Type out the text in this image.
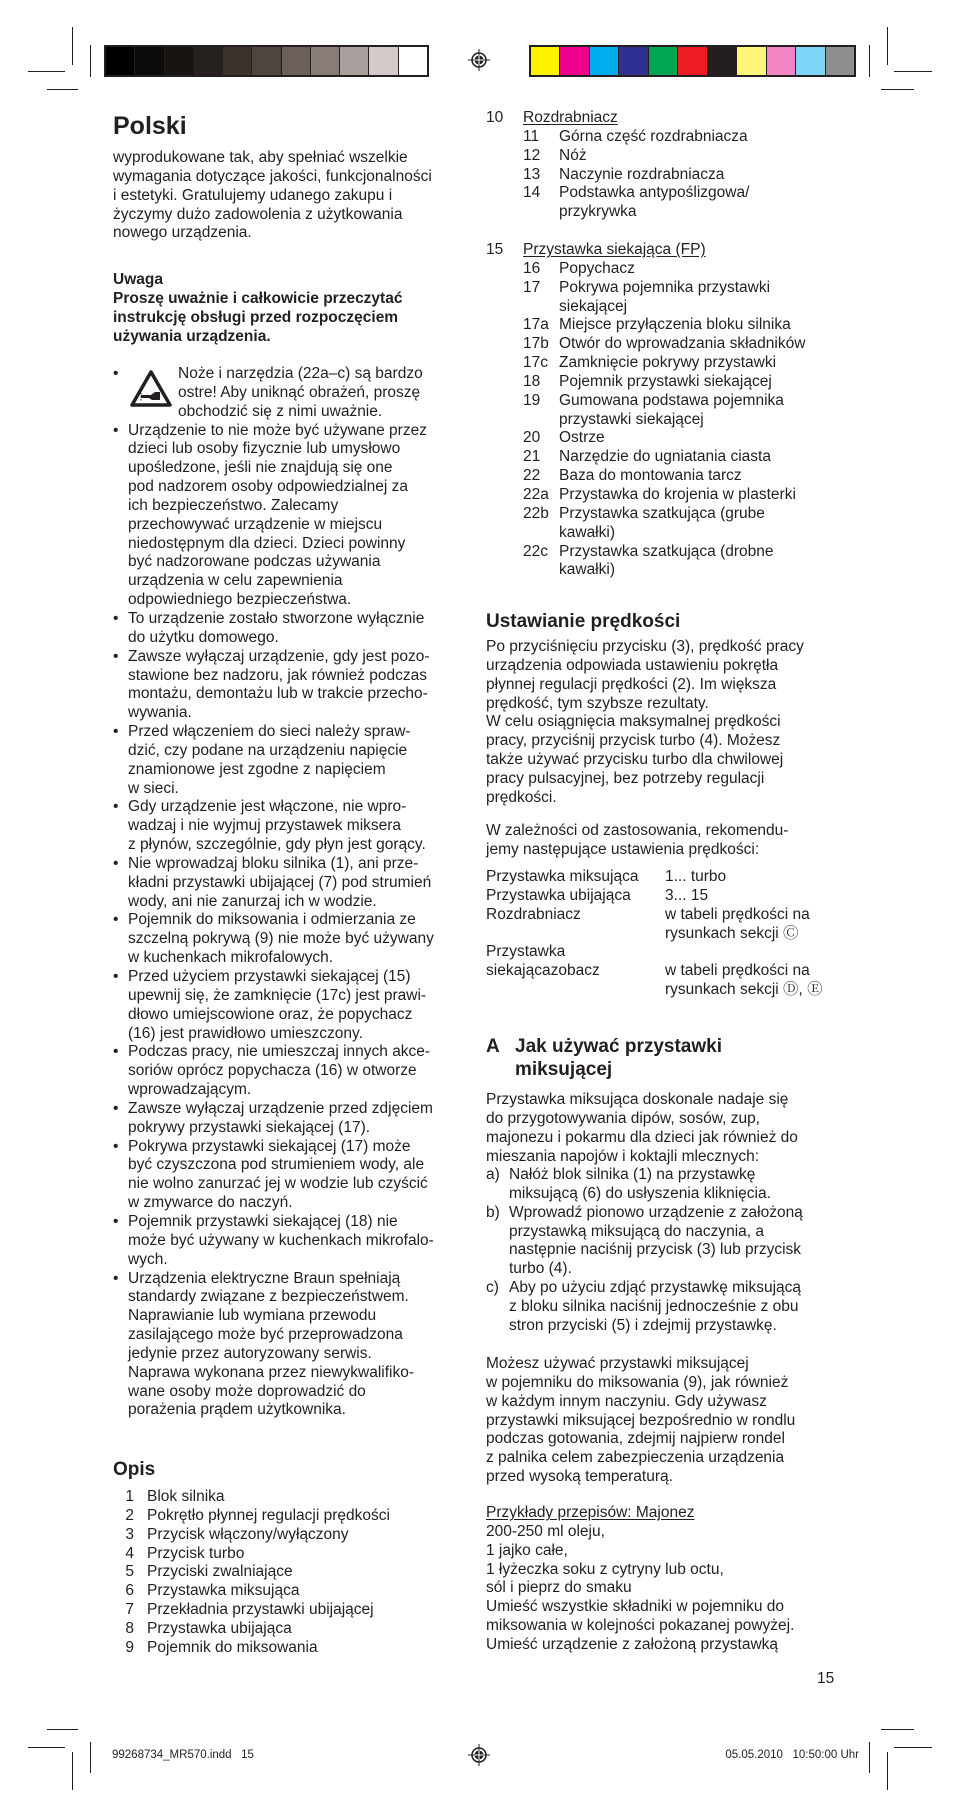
Polski
wyprodukowane tak, aby spełniać wszelkie
wymagania dotyczące jakości, funkcjonalności
i estetyki. Gratulujemy udanego zakupu i
życzymy dużo zadowolenia z użytkowania
nowego urządzenia.
Uwaga
Proszę uważnie i całkowicie przeczytać
instrukcję obsługi przed rozpoczęciem
używania urządzenia.
• Noże i narzędzia (22a–c) są bardzo
ostre! Aby uniknąć obrażeń, proszę
obchodzić się z nimi uważnie.
• Urządzenie to nie może być używane przez
dzieci lub osoby fizycznie lub umysłowo
upośledzone, jeśli nie znajdują się one
pod nadzorem osoby odpowiedzialnej za
ich bezpieczeństwo. Zalecamy
przechowywać urządzenie w miejscu
niedostępnym dla dzieci. Dzieci powinny
być nadzorowane podczas używania
urządzenia w celu zapewnienia
odpowiedniego bezpieczeństwa.
• To urządzenie zostało stworzone wyłącznie
do użytku domowego.
• Zawsze wyłączaj urządzenie, gdy jest pozo-
stawione bez nadzoru, jak również podczas
montażu, demontażu lub w trakcie przecho-
wywania.
• Przed włączeniem do sieci należy spraw-
dzić, czy podane na urządzeniu napięcie
znamionowe jest zgodne z napięciem
w sieci.
• Gdy urządzenie jest włączone, nie wpro-
wadzaj i nie wyjmuj przystawek miksera
z płynów, szczególnie, gdy płyn jest gorący.
• Nie wprowadzaj bloku silnika (1), ani prze-
kładni przystawki ubijającej (7) pod strumień
wody, ani nie zanurzaj ich w wodzie.
• Pojemnik do miksowania i odmierzania ze
szczelną pokrywą (9) nie może być używany
w kuchenkach mikrofalowych.
• Przed użyciem przystawki siekającej (15)
upewnij się, że zamknięcie (17c) jest prawi-
dłowo umiejscowione oraz, że popychacz
(16) jest prawidłowo umieszczony.
• Podczas pracy, nie umieszczaj innych akce-
soriów oprócz popychacza (16) w otworze
wprowadzającym.
• Zawsze wyłączaj urządzenie przed zdjęciem
pokrywy przystawki siekającej (17).
• Pokrywa przystawki siekającej (17) może
być czyszczona pod strumieniem wody, ale
nie wolno zanurzać jej w wodzie lub czyścić
w zmywarce do naczyń.
• Pojemnik przystawki siekającej (18) nie
może być używany w kuchenkach mikrofalo-
wych.
• Urządzenia elektryczne Braun spełniają
standardy związane z bezpieczeństwem.
Naprawianie lub wymiana przewodu
zasilającego może być przeprowadzona
jedynie przez autoryzowany serwis.
Naprawa wykonana przez niewykwalifiko-
wane osoby może doprowadzić do
porażenia prądem użytkownika.
Opis
1 Blok silnika
2 Pokrętło płynnej regulacji prędkości
3 Przycisk włączony/wyłączony
4 Przycisk turbo
5 Przyciski zwalniające
6 Przystawka miksująca
7 Przekładnia przystawki ubijającej
8 Przystawka ubijająca
9 Pojemnik do miksowania
10	Rozdrabniacz
11	Górna część rozdrabniacza
12	Nóż
13	Naczynie rozdrabniacza
14	Podstawka antypoślizgowa/
przykrywka
15	Przystawka siekająca (FP)
16	Popychacz
17	Pokrywa pojemnika przystawki
siekającej
17a Miejsce przyłączenia bloku silnika
17b Otwór do wprowadzania składników
17c Zamknięcie pokrywy przystawki
18	Pojemnik przystawki siekającej
19	Gumowana podstawa pojemnika
przystawki siekającej
20	Ostrze
21	Narzędzie do ugniatania ciasta
22	Baza do montowania tarcz
22a Przystawka do krojenia w plasterki
22b Przystawka szatkująca (grube
kawałki)
22c Przystawka szatkująca (drobne
kawałki)
Ustawianie prędkości
Po przyciśnięciu przycisku (3), prędkość pracy
urządzenia odpowiada ustawieniu pokrętła
płynnej regulacji prędkości (2). Im większa
prędkość, tym szybsze rezultaty.
W celu osiągnięcia maksymalnej prędkości
pracy, przyciśnij przycisk turbo (4). Możesz
także używać przycisku turbo dla chwilowej
pracy pulsacyjnej, bez potrzeby regulacji
prędkości.
W zależności od zastosowania, rekomendu-
jemy następujące ustawienia prędkości:
Przystawka miksująca	1... turbo
Przystawka ubijająca	3... 15
Rozdrabniacz	w tabeli prędkości na
rysunkach sekcji Ⓒ
Przystawka
siekającazobacz	w tabeli prędkości na
rysunkach sekcji Ⓓ, Ⓔ
A Jak używać przystawki
miksującej
Przystawka miksująca doskonale nadaje się
do przygotowywania dipów, sosów, zup,
majonezu i pokarmu dla dzieci jak również do
mieszania napojów i koktajli mlecznych:
a) Nałóż blok silnika (1) na przystawkę
miksującą (6) do usłyszenia kliknięcia.
b) Wprowadź pionowo urządzenie z założoną
przystawką miksującą do naczynia, a
następnie naciśnij przycisk (3) lub przycisk
turbo (4).
c) Aby po użyciu zdjąć przystawkę miksującą
z bloku silnika naciśnij jednocześnie z obu
stron przyciski (5) i zdejmij przystawkę.
Możesz używać przystawki miksującej
w pojemniku do miksowania (9), jak również
w każdym innym naczyniu. Gdy używasz
przystawki miksującej bezpośrednio w rondlu
podczas gotowania, zdejmij najpierw rondel
z palnika celem zabezpieczenia urządzenia
przed wysoką temperaturą.
Przykłady przepisów: Majonez
200-250 ml oleju,
1 jajko całe,
1 łyżeczka soku z cytryny lub octu,
sól i pieprz do smaku
Umieść wszystkie składniki w pojemniku do
miksowania w kolejności pokazanej powyżej.
Umieść urządzenie z założoną przystawką
15
99268734_MR570.indd   15	05.05.2010   10:50:00 Uhr
